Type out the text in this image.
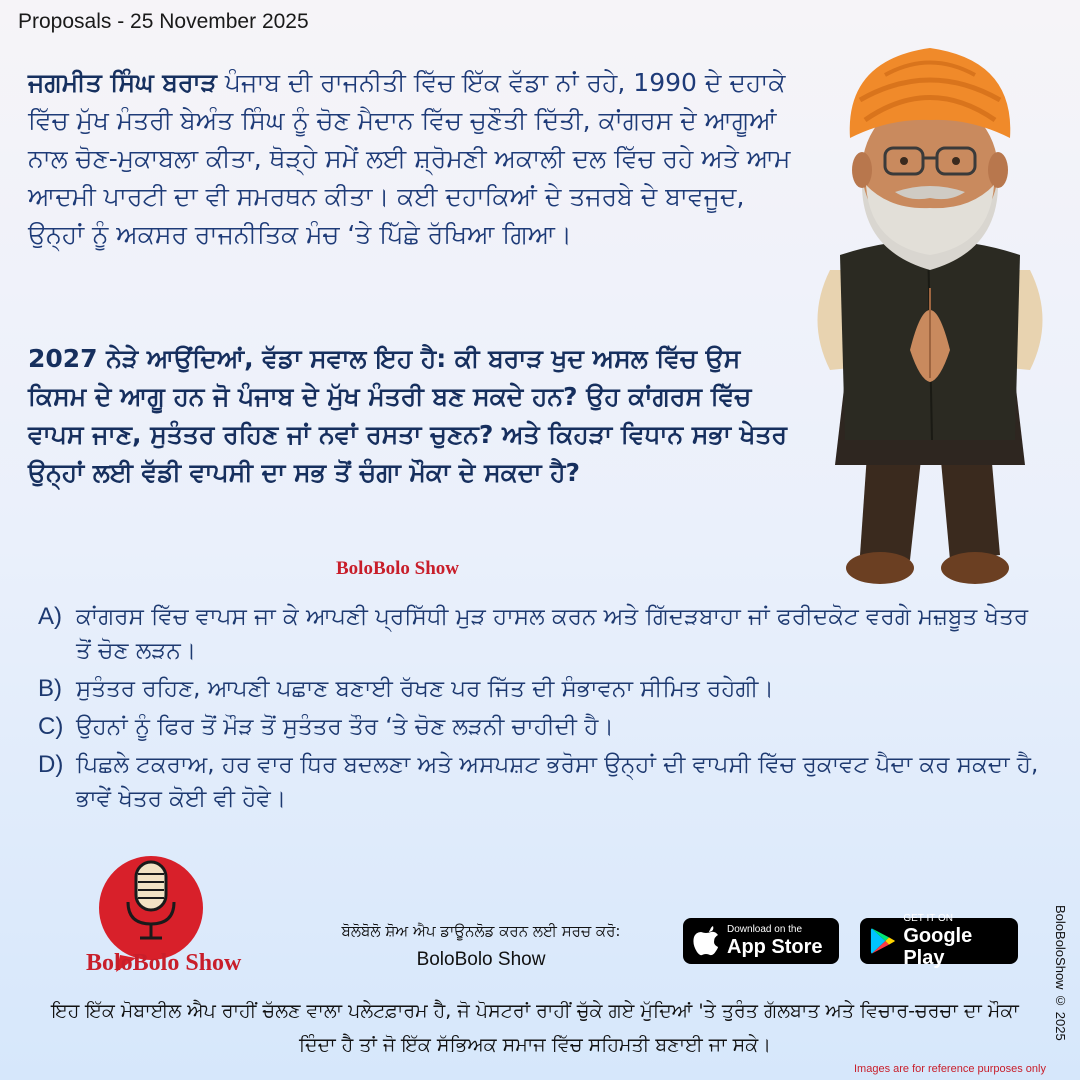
Proposals - 25 November 2025
ਜਗਮੀਤ ਸਿੰਘ ਬਰਾੜ ਪੰਜਾਬ ਦੀ ਰਾਜਨੀਤੀ ਵਿੱਚ ਇੱਕ ਵੱਡਾ ਨਾਂ ਰਹੇ, 1990 ਦੇ ਦਹਾਕੇ ਵਿੱਚ ਮੁੱਖ ਮੰਤਰੀ ਬੇਅੰਤ ਸਿੰਘ ਨੂੰ ਚੋਣ ਮੈਦਾਨ ਵਿੱਚ ਚੁਣੌਤੀ ਦਿੱਤੀ, ਕਾਂਗਰਸ ਦੇ ਆਗੂਆਂ ਨਾਲ ਚੋਣ-ਮੁਕਾਬਲਾ ਕੀਤਾ, ਥੋੜ੍ਹੇ ਸਮੇਂ ਲਈ ਸ਼੍ਰੋਮਣੀ ਅਕਾਲੀ ਦਲ ਵਿੱਚ ਰਹੇ ਅਤੇ ਆਮ ਆਦਮੀ ਪਾਰਟੀ ਦਾ ਵੀ ਸਮਰਥਨ ਕੀਤਾ। ਕਈ ਦਹਾਕਿਆਂ ਦੇ ਤਜਰਬੇ ਦੇ ਬਾਵਜੂਦ, ਉਨ੍ਹਾਂ ਨੂੰ ਅਕਸਰ ਰਾਜਨੀਤਿਕ ਮੰਚ ‘ਤੇ ਪਿੱਛੇ ਰੱਖਿਆ ਗਿਆ।
2027 ਨੇੜੇ ਆਉਂਦਿਆਂ, ਵੱਡਾ ਸਵਾਲ ਇਹ ਹੈ: ਕੀ ਬਰਾੜ ਖੁਦ ਅਸਲ ਵਿੱਚ ਉਸ ਕਿਸਮ ਦੇ ਆਗੂ ਹਨ ਜੋ ਪੰਜਾਬ ਦੇ ਮੁੱਖ ਮੰਤਰੀ ਬਣ ਸਕਦੇ ਹਨ? ਉਹ ਕਾਂਗਰਸ ਵਿੱਚ ਵਾਪਸ ਜਾਣ, ਸੁਤੰਤਰ ਰਹਿਣ ਜਾਂ ਨਵਾਂ ਰਸਤਾ ਚੁਣਨ? ਅਤੇ ਕਿਹੜਾ ਵਿਧਾਨ ਸਭਾ ਖੇਤਰ ਉਨ੍ਹਾਂ ਲਈ ਵੱਡੀ ਵਾਪਸੀ ਦਾ ਸਭ ਤੋਂ ਚੰਗਾ ਮੌਕਾ ਦੇ ਸਕਦਾ ਹੈ?
BoloBolo Show
A) ਕਾਂਗਰਸ ਵਿੱਚ ਵਾਪਸ ਜਾ ਕੇ ਆਪਣੀ ਪ੍ਰਸਿੱਧੀ ਮੁੜ ਹਾਸਲ ਕਰਨ ਅਤੇ ਗਿੱਦੜਬਾਹਾ ਜਾਂ ਫਰੀਦਕੋਟ ਵਰਗੇ ਮਜ਼ਬੂਤ ਖੇਤਰ ਤੋਂ ਚੋਣ ਲੜਨ।
B) ਸੁਤੰਤਰ ਰਹਿਣ, ਆਪਣੀ ਪਛਾਣ ਬਣਾਈ ਰੱਖਣ ਪਰ ਜਿੱਤ ਦੀ ਸੰਭਾਵਨਾ ਸੀਮਿਤ ਰਹੇਗੀ।
C) ਉਹਨਾਂ ਨੂੰ ਫਿਰ ਤੋਂ ਮੌੜ ਤੋਂ ਸੁਤੰਤਰ ਤੌਰ ‘ਤੇ ਚੋਣ ਲੜਨੀ ਚਾਹੀਦੀ ਹੈ।
D) ਪਿਛਲੇ ਟਕਰਾਅ, ਹਰ ਵਾਰ ਧਿਰ ਬਦਲਣਾ ਅਤੇ ਅਸਪਸ਼ਟ ਭਰੋਸਾ ਉਨ੍ਹਾਂ ਦੀ ਵਾਪਸੀ ਵਿੱਚ ਰੁਕਾਵਟ ਪੈਦਾ ਕਰ ਸਕਦਾ ਹੈ, ਭਾਵੇਂ ਖੇਤਰ ਕੋਈ ਵੀ ਹੋਵੇ।
BoloBolo Show
ਬੋਲੋਬੋਲੋ ਸ਼ੋਅ ਐਪ ਡਾਊਨਲੋਡ ਕਰਨ ਲਈ ਸਰਚ ਕਰੋ:
BoloBolo Show
Download on the
App Store
GET IT ON
Google Play
ਇਹ ਇੱਕ ਮੋਬਾਈਲ ਐਪ ਰਾਹੀਂ ਚੱਲਣ ਵਾਲਾ ਪਲੇਟਫ਼ਾਰਮ ਹੈ, ਜੋ ਪੋਸਟਰਾਂ ਰਾਹੀਂ ਚੁੱਕੇ ਗਏ ਮੁੱਦਿਆਂ 'ਤੇ ਤੁਰੰਤ ਗੱਲਬਾਤ ਅਤੇ ਵਿਚਾਰ-ਚਰਚਾ ਦਾ ਮੌਕਾ ਦਿੰਦਾ ਹੈ ਤਾਂ ਜੋ ਇੱਕ ਸੱਭਿਅਕ ਸਮਾਜ ਵਿੱਚ ਸਹਿਮਤੀ ਬਣਾਈ ਜਾ ਸਕੇ।
BoloBoloShow © 2025
Images are for reference purposes only
